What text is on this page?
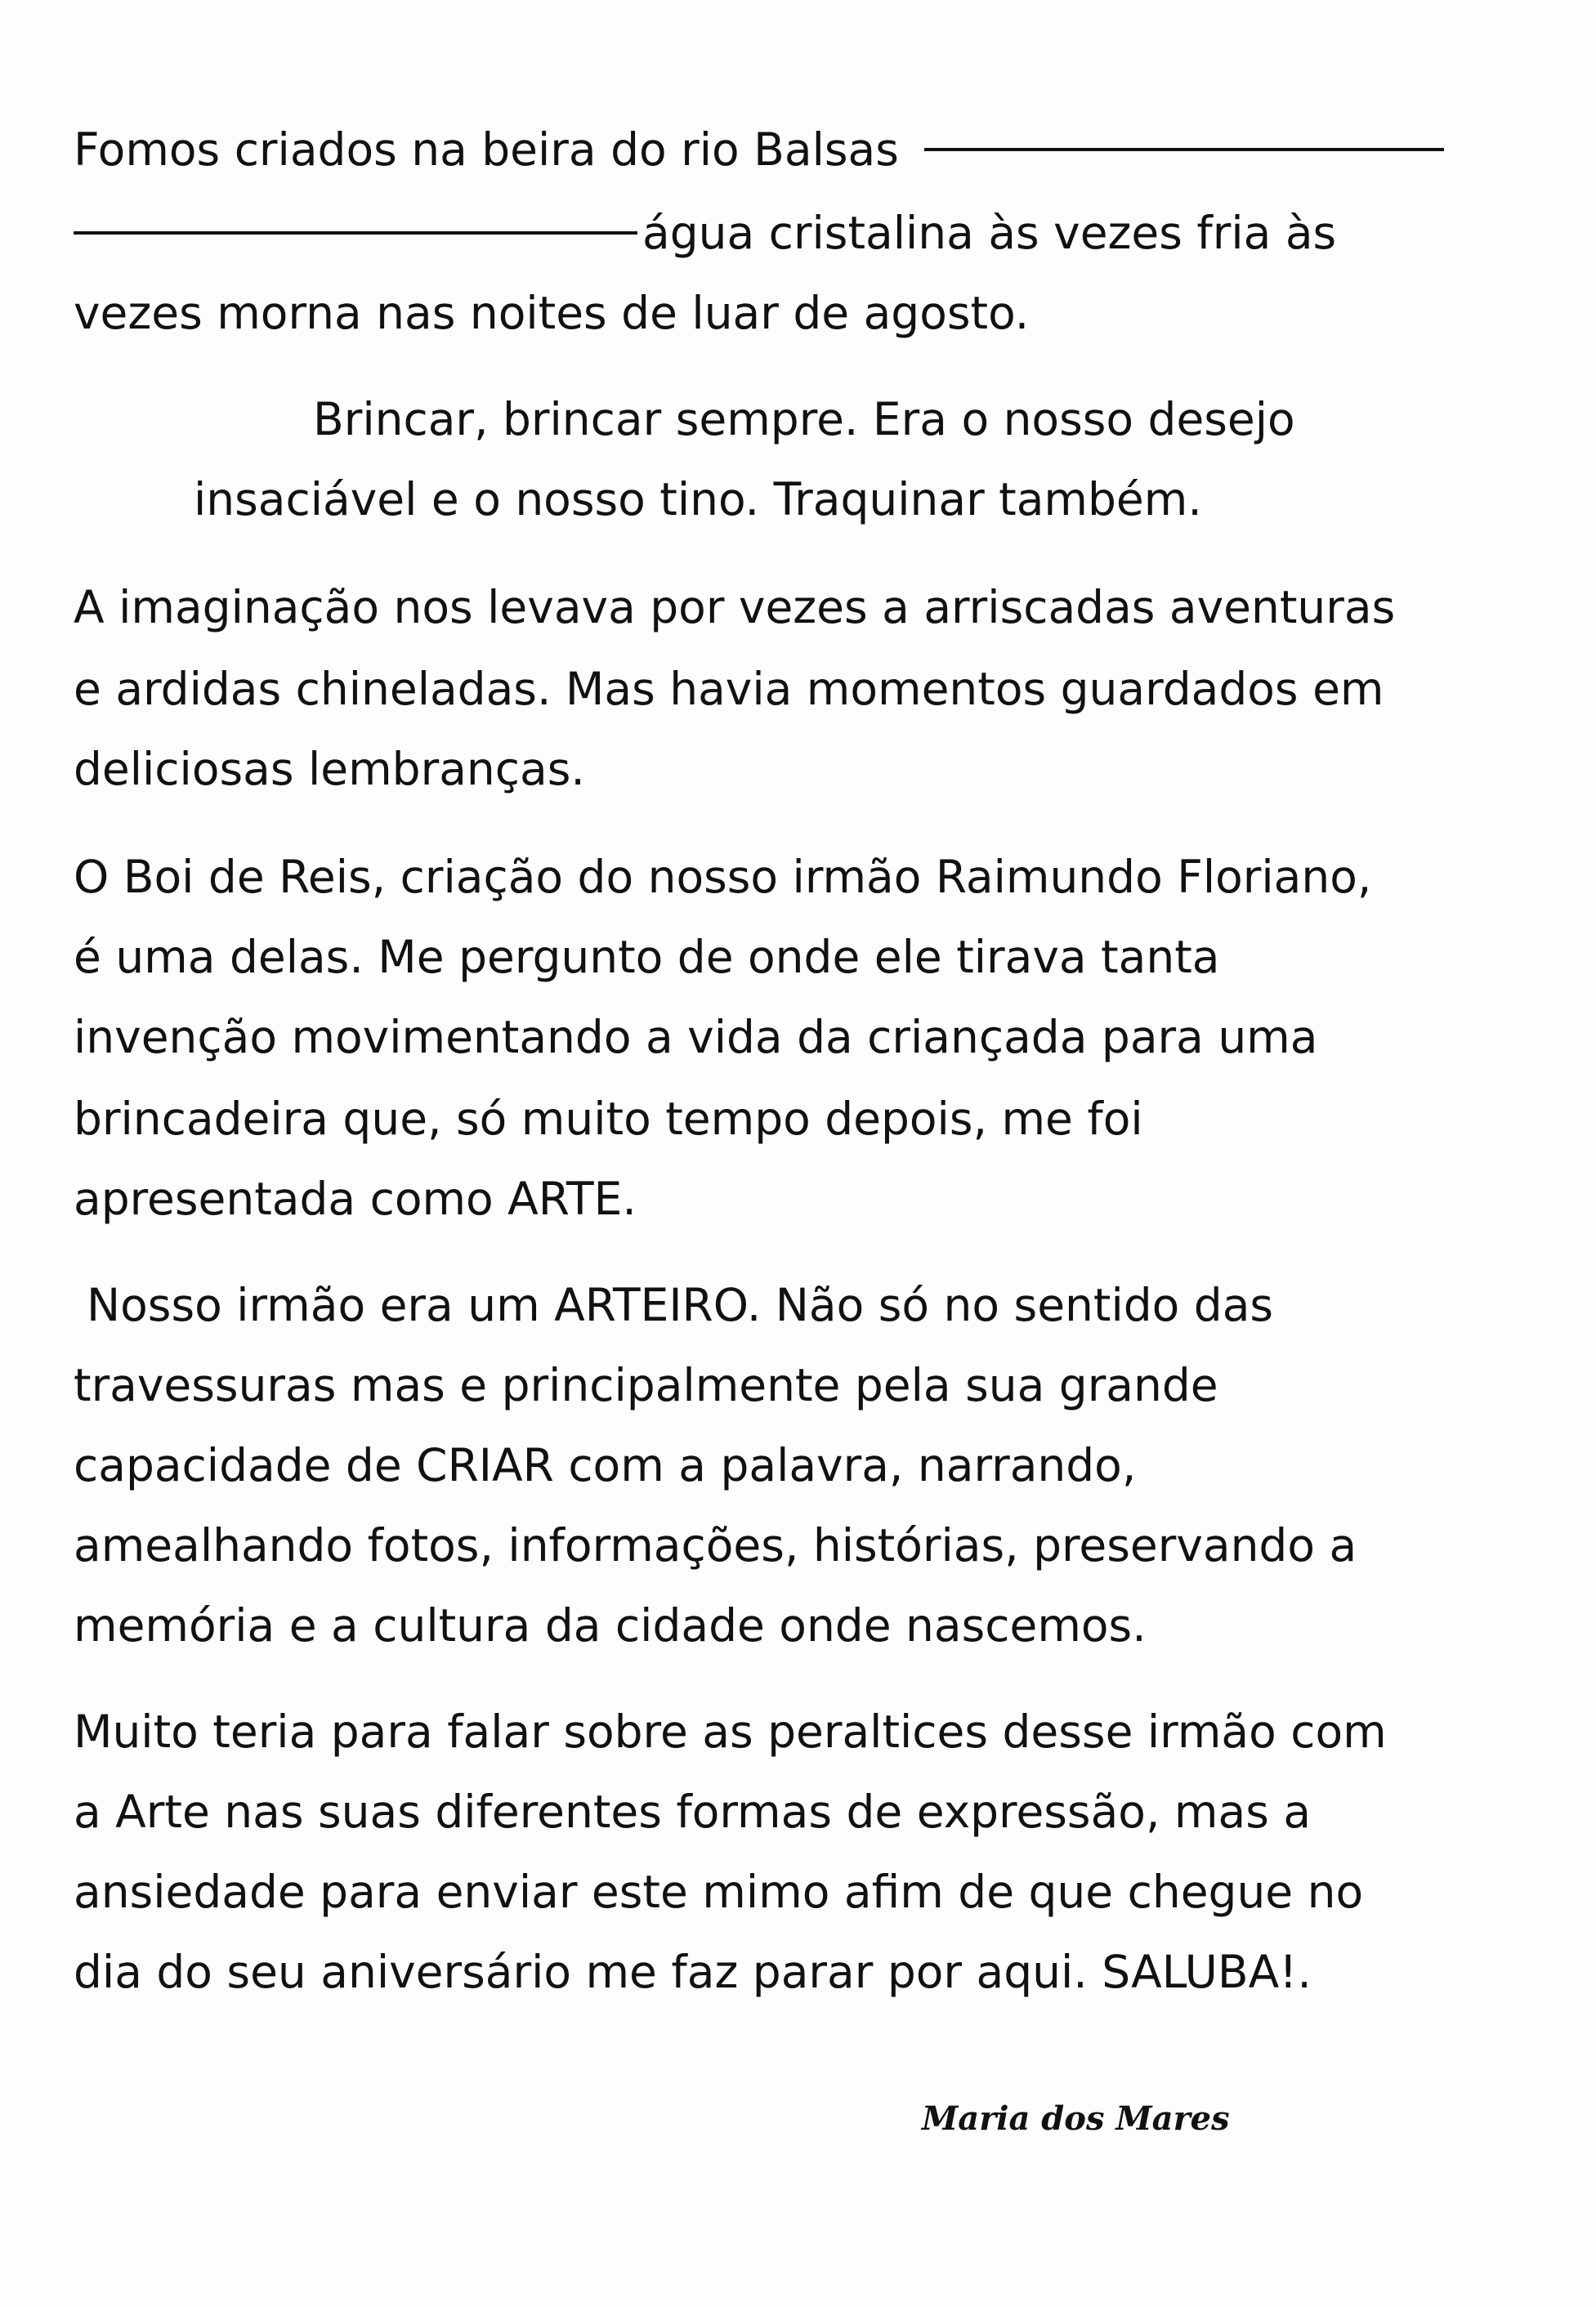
Fomos criados na beira do rio Balsas
água cristalina às vezes fria às
vezes morna nas noites de luar de agosto.
Brincar, brincar sempre. Era o nosso desejo
insaciável e o nosso tino. Traquinar também.
A imaginação nos levava por vezes a arriscadas aventuras
e ardidas chineladas. Mas havia momentos guardados em
deliciosas lembranças.
O Boi de Reis, criação do nosso irmão Raimundo Floriano,
é uma delas. Me pergunto de onde ele tirava tanta
invenção movimentando a vida da criançada para uma
brincadeira que, só muito tempo depois, me foi
apresentada como ARTE.
Nosso irmão era um ARTEIRO. Não só no sentido das
travessuras mas e principalmente pela sua grande
capacidade de CRIAR com a palavra, narrando,
amealhando fotos, informações, histórias, preservando a
memória e a cultura da cidade onde nascemos.
Muito teria para falar sobre as peraltices desse irmão com
a Arte nas suas diferentes formas de expressão, mas a
ansiedade para enviar este mimo afim de que chegue no
dia do seu aniversário me faz parar por aqui. SALUBA!.
Maria dos Mares
